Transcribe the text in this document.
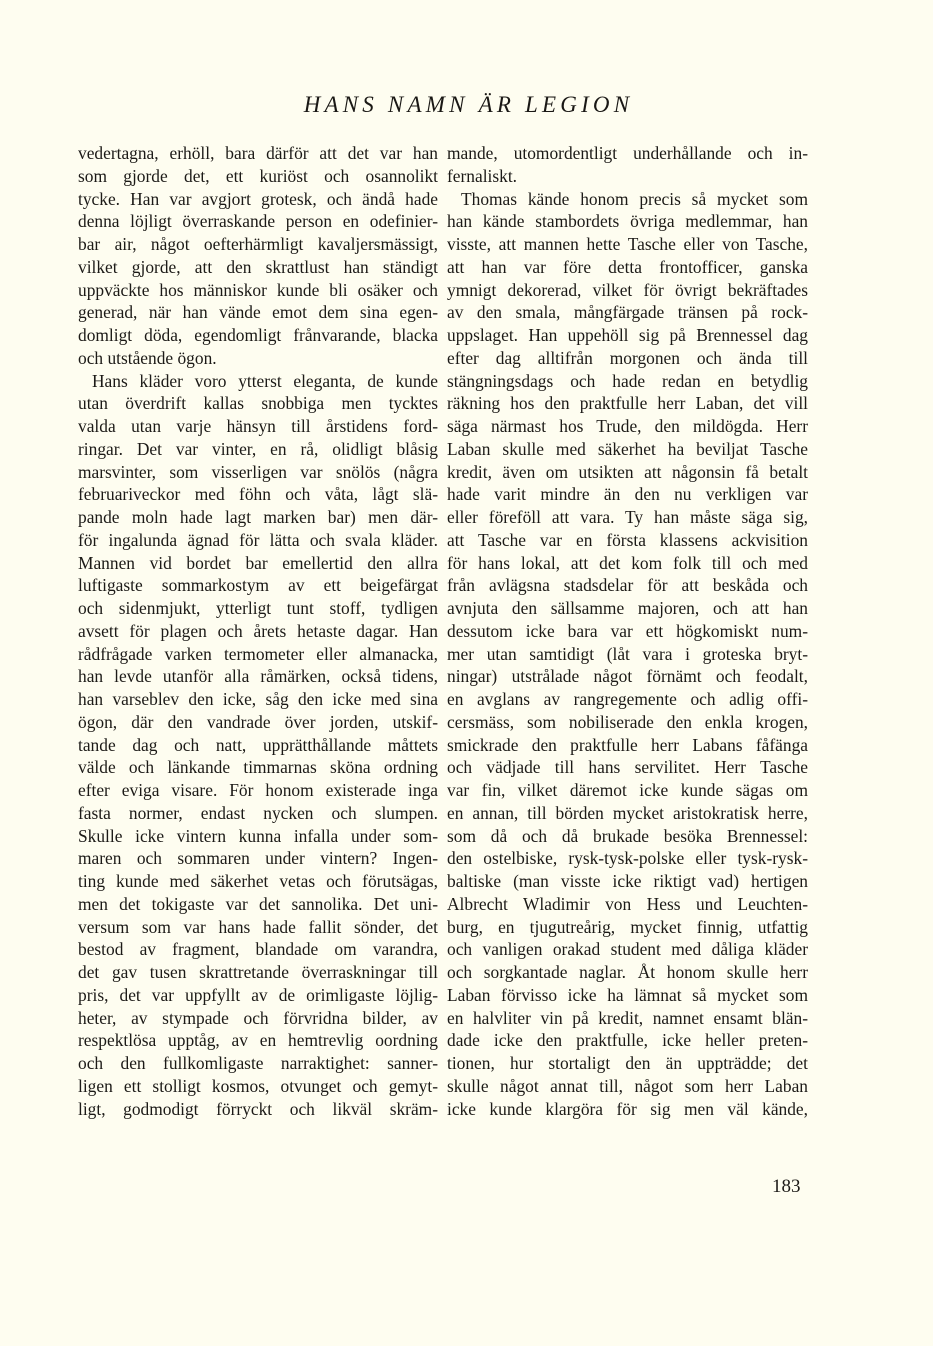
HANS NAMN ÄR LEGION
vedertagna, erhöll, bara därför att det var han
som gjorde det, ett kuriöst och osannolikt
tycke. Han var avgjort grotesk, och ändå hade
denna löjligt överraskande person en odefinier-
bar air, något oefterhärmligt kavaljersmässigt,
vilket gjorde, att den skrattlust han ständigt
uppväckte hos människor kunde bli osäker och
generad, när han vände emot dem sina egen-
domligt döda, egendomligt frånvarande, blacka
och utstående ögon.
Hans kläder voro ytterst eleganta, de kunde
utan överdrift kallas snobbiga men tycktes
valda utan varje hänsyn till årstidens ford-
ringar. Det var vinter, en rå, olidligt blåsig
marsvinter, som visserligen var snölös (några
februariveckor med föhn och våta, lågt slä-
pande moln hade lagt marken bar) men där-
för ingalunda ägnad för lätta och svala kläder.
Mannen vid bordet bar emellertid den allra
luftigaste sommarkostym av ett beigefärgat
och sidenmjukt, ytterligt tunt stoff, tydligen
avsett för plagen och årets hetaste dagar. Han
rådfrågade varken termometer eller almanacka,
han levde utanför alla råmärken, också tidens,
han varseblev den icke, såg den icke med sina
ögon, där den vandrade över jorden, utskif-
tande dag och natt, upprätthållande måttets
välde och länkande timmarnas sköna ordning
efter eviga visare. För honom existerade inga
fasta normer, endast nycken och slumpen.
Skulle icke vintern kunna infalla under som-
maren och sommaren under vintern? Ingen-
ting kunde med säkerhet vetas och förutsägas,
men det tokigaste var det sannolika. Det uni-
versum som var hans hade fallit sönder, det
bestod av fragment, blandade om varandra,
det gav tusen skrattretande överraskningar till
pris, det var uppfyllt av de orimligaste löjlig-
heter, av stympade och förvridna bilder, av
respektlösa upptåg, av en hemtrevlig oordning
och den fullkomligaste narraktighet: sanner-
ligen ett stolligt kosmos, otvunget och gemyt-
ligt, godmodigt förryckt och likväl skräm-
mande, utomordentligt underhållande och in-
fernaliskt.
Thomas kände honom precis så mycket som
han kände stambordets övriga medlemmar, han
visste, att mannen hette Tasche eller von Tasche,
att han var före detta frontofficer, ganska
ymnigt dekorerad, vilket för övrigt bekräftades
av den smala, mångfärgade tränsen på rock-
uppslaget. Han uppehöll sig på Brennessel dag
efter dag alltifrån morgonen och ända till
stängningsdags och hade redan en betydlig
räkning hos den praktfulle herr Laban, det vill
säga närmast hos Trude, den mildögda. Herr
Laban skulle med säkerhet ha beviljat Tasche
kredit, även om utsikten att någonsin få betalt
hade varit mindre än den nu verkligen var
eller föreföll att vara. Ty han måste säga sig,
att Tasche var en första klassens ackvisition
för hans lokal, att det kom folk till och med
från avlägsna stadsdelar för att beskåda och
avnjuta den sällsamme majoren, och att han
dessutom icke bara var ett högkomiskt num-
mer utan samtidigt (låt vara i groteska bryt-
ningar) utstrålade något förnämt och feodalt,
en avglans av rangregemente och adlig offi-
cersmäss, som nobiliserade den enkla krogen,
smickrade den praktfulle herr Labans fåfänga
och vädjade till hans servilitet. Herr Tasche
var fin, vilket däremot icke kunde sägas om
en annan, till börden mycket aristokratisk herre,
som då och då brukade besöka Brennessel:
den ostelbiske, rysk-tysk-polske eller tysk-rysk-
baltiske (man visste icke riktigt vad) hertigen
Albrecht Wladimir von Hess und Leuchten-
burg, en tjugutreårig, mycket finnig, utfattig
och vanligen orakad student med dåliga kläder
och sorgkantade naglar. Åt honom skulle herr
Laban förvisso icke ha lämnat så mycket som
en halvliter vin på kredit, namnet ensamt blän-
dade icke den praktfulle, icke heller preten-
tionen, hur stortaligt den än uppträdde; det
skulle något annat till, något som herr Laban
icke kunde klargöra för sig men väl kände,
183
